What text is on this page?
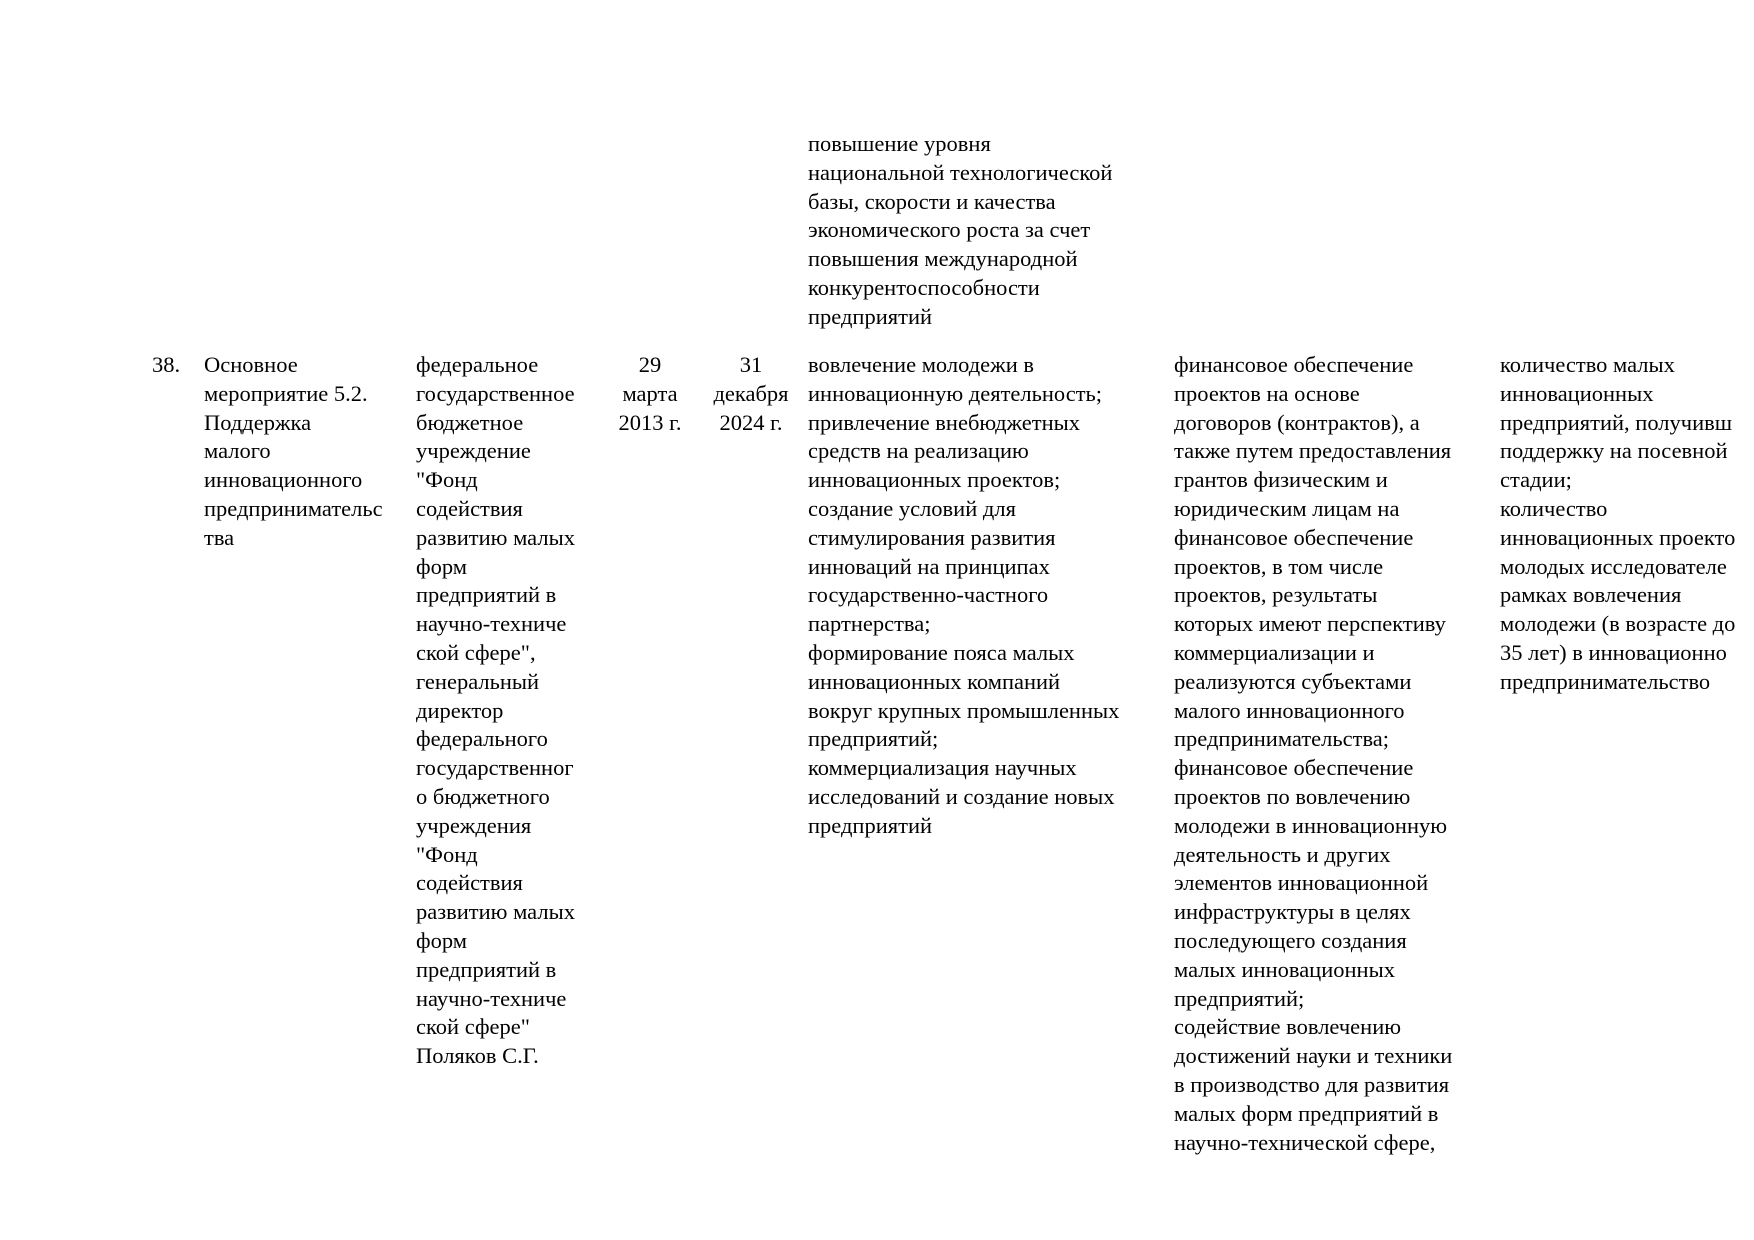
повышение уровня
национальной технологической
базы, скорости и качества
экономического роста за счет
повышения международной
конкурентоспособности
предприятий
38.	Основное
мероприятие 5.2.
Поддержка
малого
инновационного
предпринимательс
тва
федеральное
государственное
бюджетное
учреждение
"Фонд
содействия
развитию малых
форм
предприятий в
научно-техниче
ской сфере",
генеральный
директор
федерального
государственног
о бюджетного
учреждения
"Фонд
содействия
развитию малых
форм
предприятий в
научно-техниче
ской сфере"
Поляков С.Г.
29
марта
2013 г.
31
декабря
2024 г.
вовлечение молодежи в
инновационную деятельность;
привлечение внебюджетных
средств на реализацию
инновационных проектов;
создание условий для
стимулирования развития
инноваций на принципах
государственно-частного
партнерства;
формирование пояса малых
инновационных компаний
вокруг крупных промышленных
предприятий;
коммерциализация научных
исследований и создание новых
предприятий
финансовое обеспечение
проектов на основе
договоров (контрактов), а
также путем предоставления
грантов физическим и
юридическим лицам на
финансовое обеспечение
проектов, в том числе
проектов, результаты
которых имеют перспективу
коммерциализации и
реализуются субъектами
малого инновационного
предпринимательства;
финансовое обеспечение
проектов по вовлечению
молодежи в инновационную
деятельность и других
элементов инновационной
инфраструктуры в целях
последующего создания
малых инновационных
предприятий;
содействие вовлечению
достижений науки и техники
в производство для развития
малых форм предприятий в
научно-технической сфере,
количество малых
инновационных
предприятий, получивш
поддержку на посевной
стадии;
количество
инновационных проекто
молодых исследователе
рамках вовлечения
молодежи (в возрасте до
35 лет) в инновационно
предпринимательство
